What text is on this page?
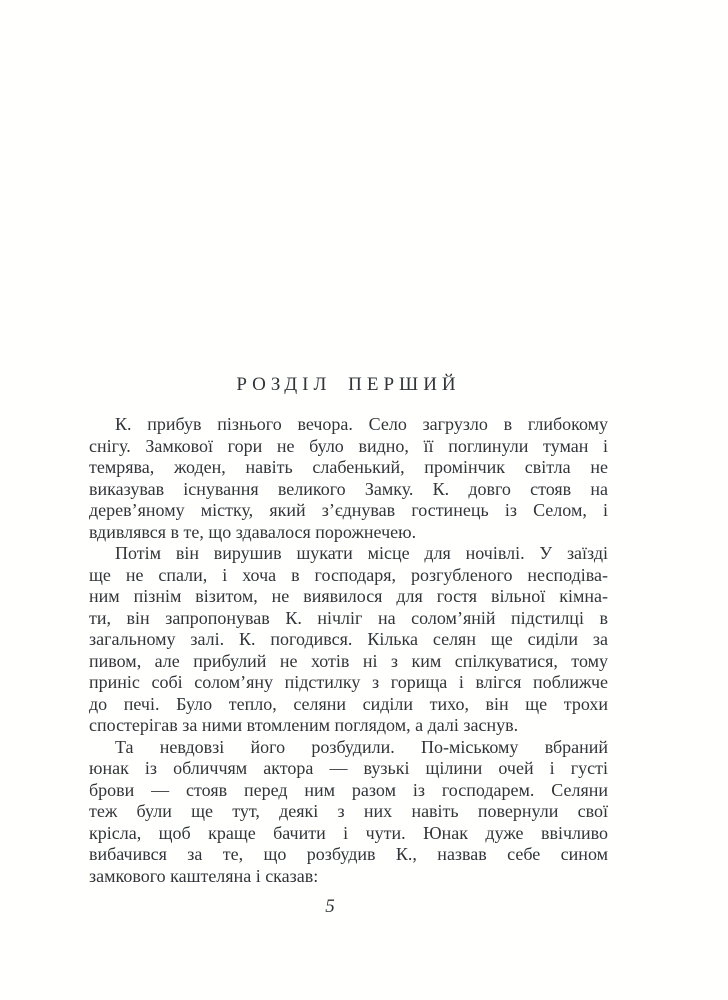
РОЗДІЛ ПЕРШИЙ
К. прибув пізнього вечора. Село загрузло в глибокому
снігу. Замкової гори не було видно, її поглинули туман і
темрява, жоден, навіть слабенький, промінчик світла не
виказував існування великого Замку. К. довго стояв на
дерев’яному містку, який з’єднував гостинець із Селом, і
вдивлявся в те, що здавалося порожнечею.
Потім він вирушив шукати місце для ночівлі. У заїзді
ще не спали, і хоча в господаря, розгубленого несподіва-
ним пізнім візитом, не виявилося для гостя вільної кімна-
ти, він запропонував К. нічліг на солом’яній підстилці в
загальному залі. К. погодився. Кілька селян ще сиділи за
пивом, але прибулий не хотів ні з ким спілкуватися, тому
приніс собі солом’яну підстилку з горища і влігся поближче
до печі. Було тепло, селяни сиділи тихо, він ще трохи
спостерігав за ними втомленим поглядом, а далі заснув.
Та невдовзі його розбудили. По-міському вбраний
юнак із обличчям актора — вузькі щілини очей і густі
брови — стояв перед ним разом із господарем. Селяни
теж були ще тут, деякі з них навіть повернули свої
крісла, щоб краще бачити і чути. Юнак дуже ввічливо
вибачився за те, що розбудив К., назвав себе сином
замкового каштеляна і сказав:
5
